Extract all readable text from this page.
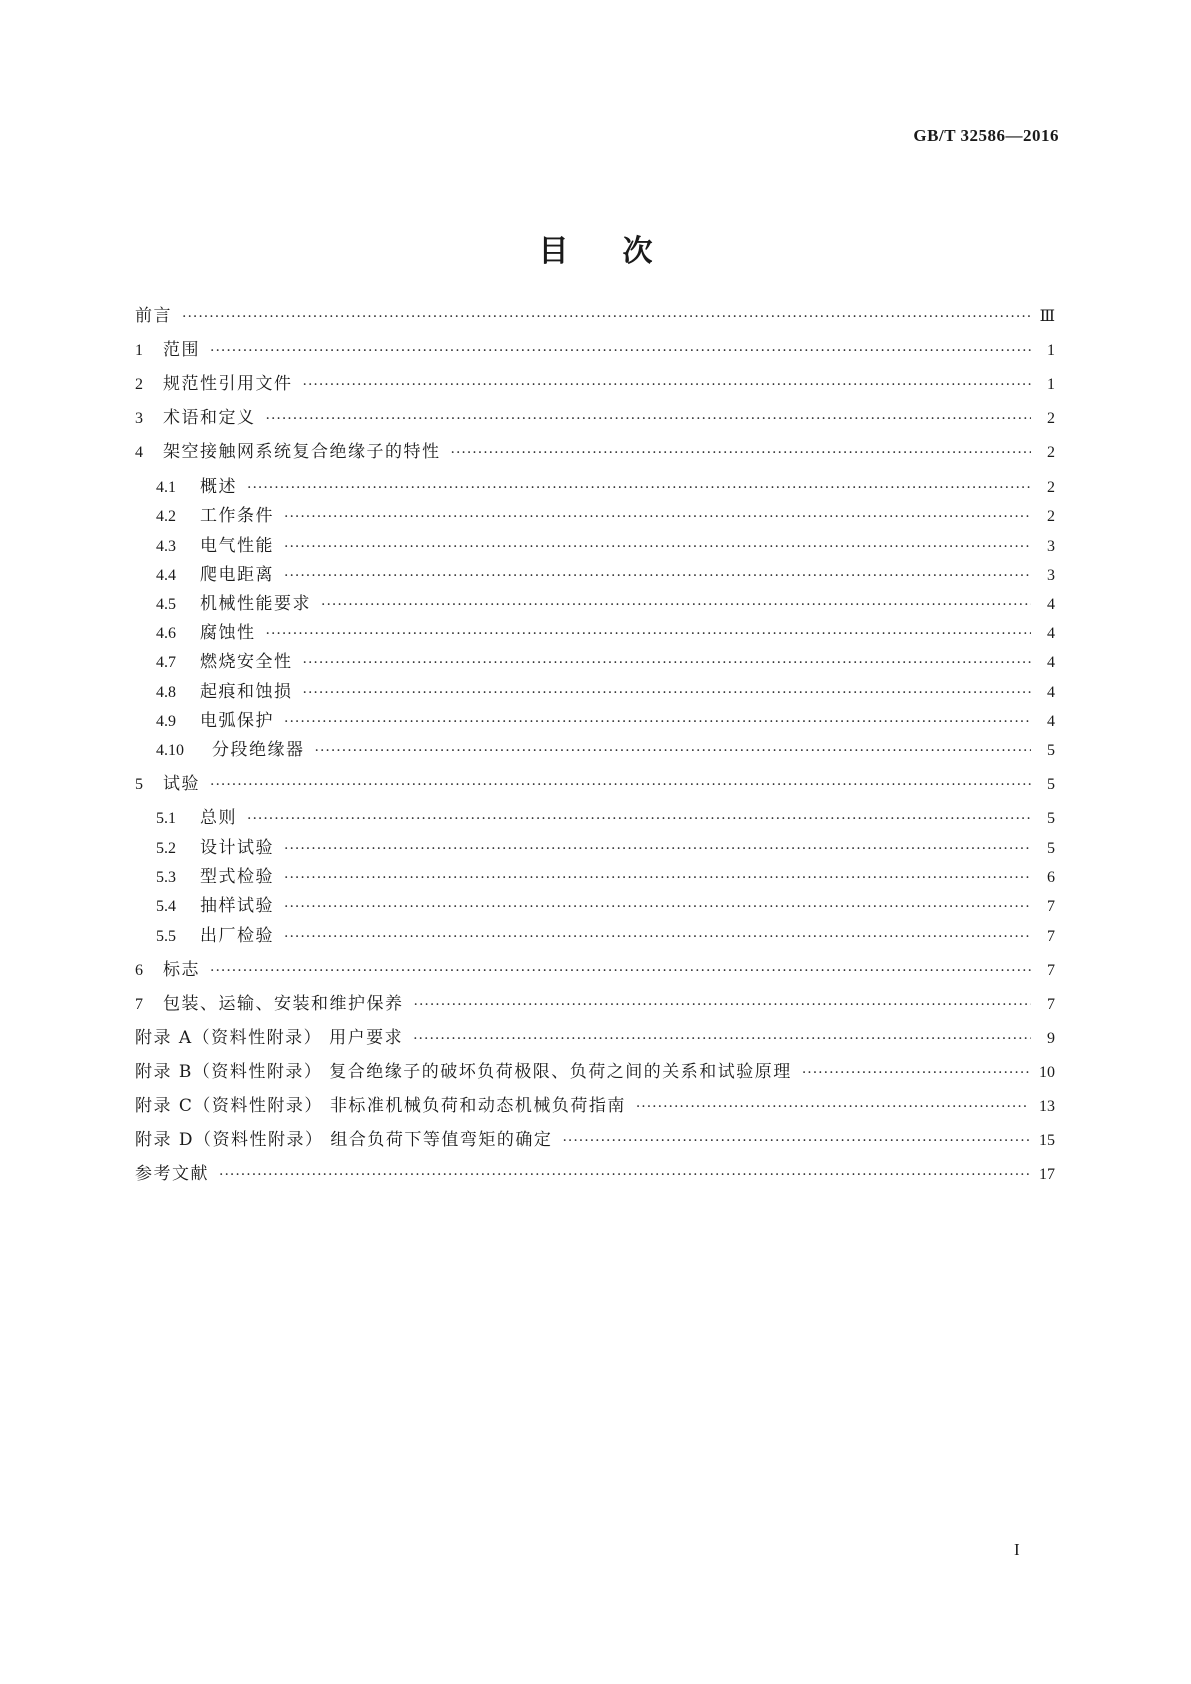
GB/T 32586—2016
目次
前言 ·····	Ⅲ
1	范围 ·····	1
2	规范性引用文件 ·····	1
3	术语和定义 ·····	2
4	架空接触网系统复合绝缘子的特性 ·····	2
4.1	概述 ·····	2
4.2	工作条件 ·····	2
4.3	电气性能 ·····	3
4.4	爬电距离 ·····	3
4.5	机械性能要求 ·····	4
4.6	腐蚀性 ·····	4
4.7	燃烧安全性 ·····	4
4.8	起痕和蚀损 ·····	4
4.9	电弧保护 ·····	4
4.10	分段绝缘器 ·····	5
5	试验 ·····	5
5.1	总则 ·····	5
5.2	设计试验 ·····	5
5.3	型式检验 ·····	6
5.4	抽样试验 ·····	7
5.5	出厂检验 ·····	7
6	标志 ·····	7
7	包装、运输、安装和维护保养 ·····	7
附录 A（资料性附录） 用户要求 ·····	9
附录 B（资料性附录） 复合绝缘子的破坏负荷极限、负荷之间的关系和试验原理 ·····	10
附录 C（资料性附录） 非标准机械负荷和动态机械负荷指南 ·····	13
附录 D（资料性附录） 组合负荷下等值弯矩的确定 ·····	15
参考文献 ·····	17
I
